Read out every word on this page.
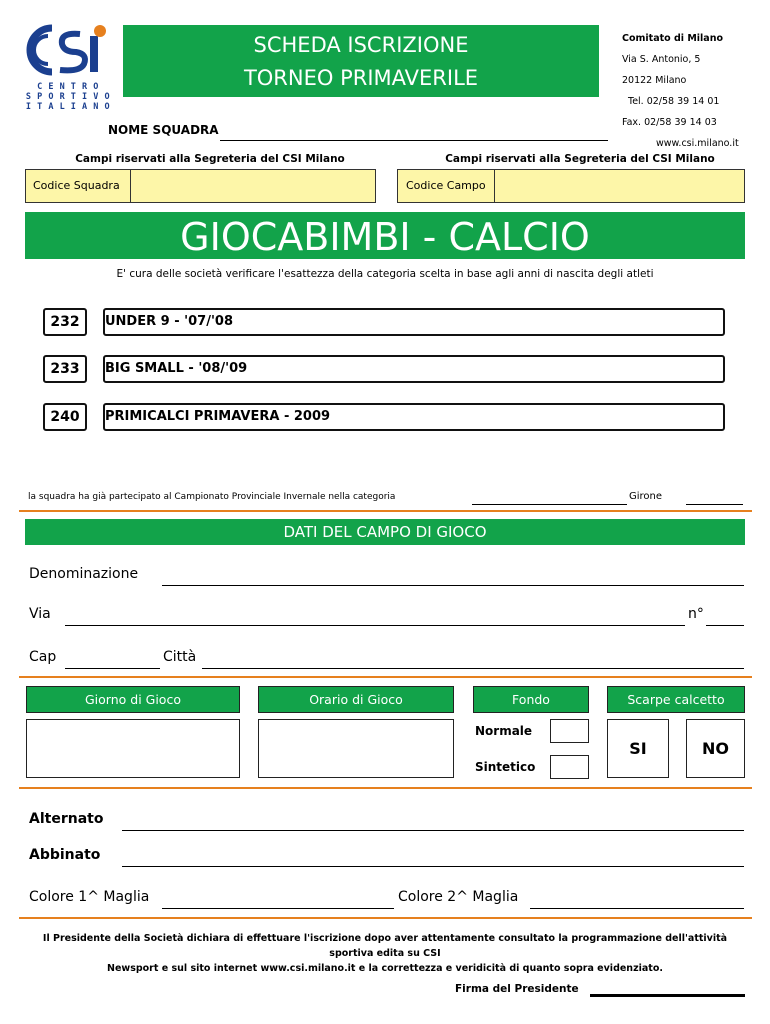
C E N T R O
S P O R T I V O
I T A L I A N O
SCHEDA ISCRIZIONE
TORNEO PRIMAVERILE
Comitato di Milano
Via S. Antonio, 5
20122 Milano
Tel. 02/58 39 14 01
Fax. 02/58 39 14 03
www.csi.milano.it
NOME SQUADRA
Campi riservati alla Segreteria del CSI Milano	Campi riservati alla Segreteria del CSI Milano
Codice Squadra	Codice Campo
GIOCABIMBI - CALCIO
E' cura delle società verificare l'esattezza della categoria scelta in base agli anni di nascita degli atleti
232	UNDER 9 - '07/'08
233	BIG SMALL - '08/'09
240	PRIMICALCI PRIMAVERA - 2009
la squadra ha già partecipato al Campionato Provinciale Invernale nella categoria	Girone
DATI DEL CAMPO DI GIOCO
Denominazione
Via	n°
Cap	Città
Giorno di Gioco	Orario di Gioco	Fondo	Scarpe calcetto
Normale
Sintetico
SI	NO
Alternato
Abbinato
Colore 1^ Maglia	Colore 2^ Maglia
Il Presidente della Società dichiara di effettuare l'iscrizione dopo aver attentamente consultato la programmazione dell'attività sportiva edita su CSI
Newsport e sul sito internet www.csi.milano.it e la correttezza e veridicità di quanto sopra evidenziato.
Firma del Presidente
